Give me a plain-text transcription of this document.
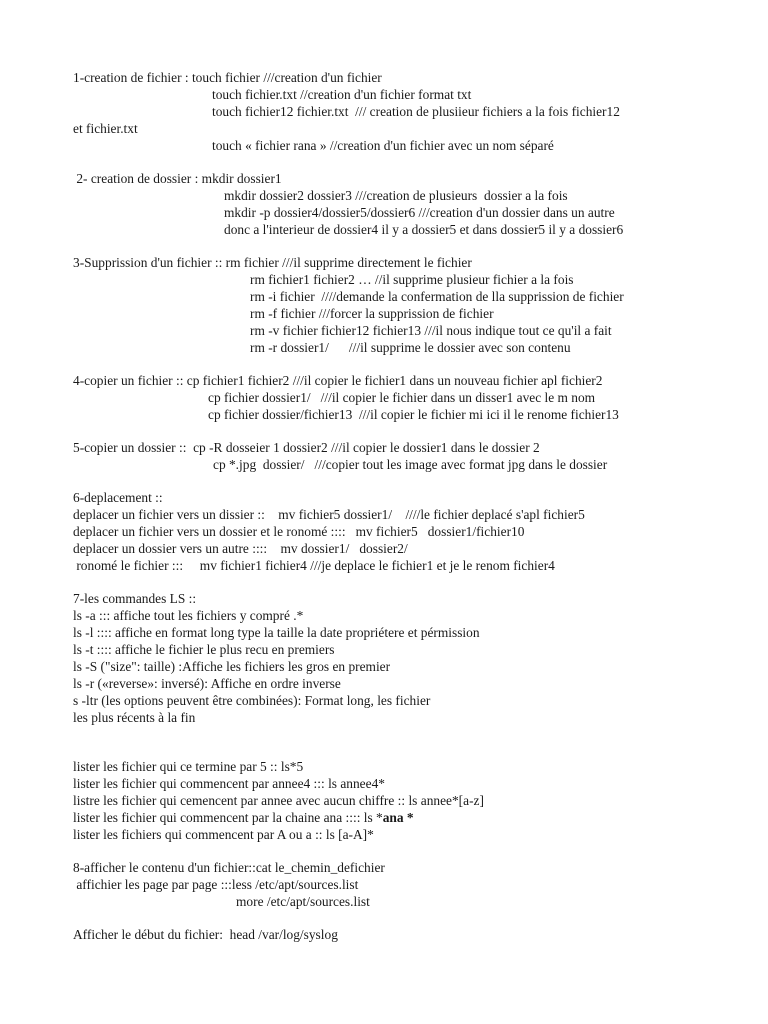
1-creation de fichier : touch fichier ///creation d'un fichier
touch fichier.txt //creation d'un fichier format txt
touch fichier12 fichier.txt  /// creation de plusiieur fichiers a la fois fichier12
et fichier.txt
touch « fichier rana » //creation d'un fichier avec un nom séparé
2- creation de dossier : mkdir dossier1
mkdir dossier2 dossier3 ///creation de plusieurs  dossier a la fois
mkdir -p dossier4/dossier5/dossier6 ///creation d'un dossier dans un autre
donc a l'interieur de dossier4 il y a dossier5 et dans dossier5 il y a dossier6
3-Supprission d'un fichier :: rm fichier ///il supprime directement le fichier
rm fichier1 fichier2 … //il supprime plusieur fichier a la fois
rm -i fichier  ////demande la confermation de lla supprission de fichier
rm -f fichier ///forcer la supprission de fichier
rm -v fichier fichier12 fichier13 ///il nous indique tout ce qu'il a fait
rm -r dossier1/      ///il supprime le dossier avec son contenu
4-copier un fichier :: cp fichier1 fichier2 ///il copier le fichier1 dans un nouveau fichier apl fichier2
cp fichier dossier1/   ///il copier le fichier dans un disser1 avec le m nom
cp fichier dossier/fichier13  ///il copier le fichier mi ici il le renome fichier13
5-copier un dossier ::  cp -R dosseier 1 dossier2 ///il copier le dossier1 dans le dossier 2
cp *.jpg  dossier/   ///copier tout les image avec format jpg dans le dossier
6-deplacement ::
deplacer un fichier vers un dissier ::    mv fichier5 dossier1/    ////le fichier deplacé s'apl fichier5
deplacer un fichier vers un dossier et le ronomé ::::   mv fichier5   dossier1/fichier10
deplacer un dossier vers un autre ::::    mv dossier1/   dossier2/
ronomé le fichier :::     mv fichier1 fichier4 ///je deplace le fichier1 et je le renom fichier4
7-les commandes LS ::
ls -a ::: affiche tout les fichiers y compré .*
ls -l :::: affiche en format long type la taille la date propriétere et pérmission
ls -t :::: affiche le fichier le plus recu en premiers
ls -S ("size": taille) :Affiche les fichiers les gros en premier
ls -r («reverse»: inversé): Affiche en ordre inverse
s -ltr (les options peuvent être combinées): Format long, les fichier
les plus récents à la fin
lister les fichier qui ce termine par 5 :: ls*5
lister les fichier qui commencent par annee4 ::: ls annee4*
listre les fichier qui cemencent par annee avec aucun chiffre :: ls annee*[a-z]
lister les fichier qui commencent par la chaine ana :::: ls *ana *
lister les fichiers qui commencent par A ou a :: ls [a-A]*
8-afficher le contenu d'un fichier::cat le_chemin_defichier
affichier les page par page :::less /etc/apt/sources.list
more /etc/apt/sources.list
Afficher le début du fichier:  head /var/log/syslog
